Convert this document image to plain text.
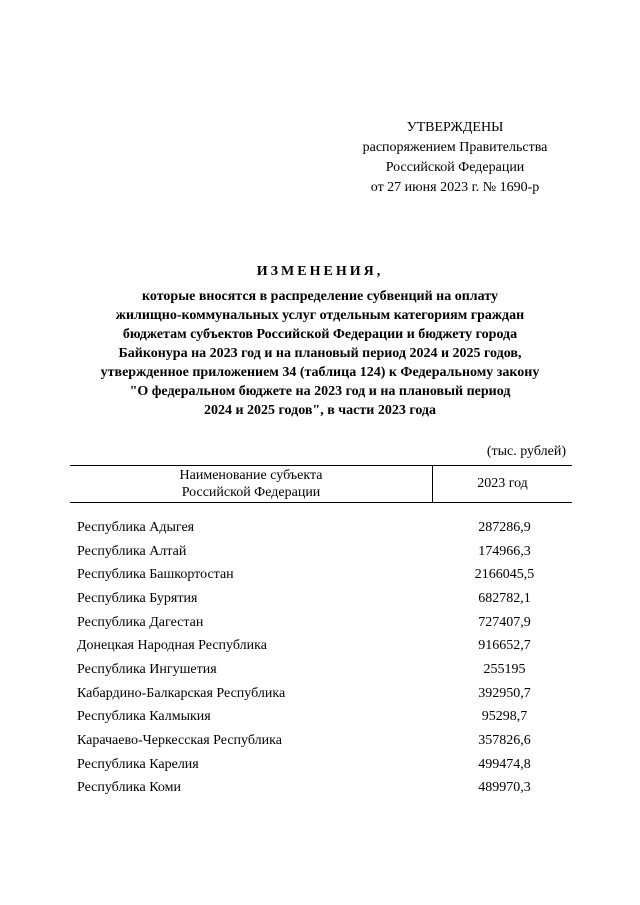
УТВЕРЖДЕНЫ
распоряжением Правительства
Российской Федерации
от 27 июня 2023 г. № 1690-р
ИЗМЕНЕНИЯ,
которые вносятся в распределение субвенций на оплату
жилищно-коммунальных услуг отдельным категориям граждан
бюджетам субъектов Российской Федерации и бюджету города
Байконура на 2023 год и на плановый период 2024 и 2025 годов,
утвержденное приложением 34 (таблица 124) к Федеральному закону
"О федеральном бюджете на 2023 год и на плановый период
2024 и 2025 годов", в части 2023 года
(тыс. рублей)
Наименование субъекта
Российской Федерации
2023 год
Республика Адыгея	287286,9
Республика Алтай	174966,3
Республика Башкортостан	2166045,5
Республика Бурятия	682782,1
Республика Дагестан	727407,9
Донецкая Народная Республика	916652,7
Республика Ингушетия	255195
Кабардино-Балкарская Республика	392950,7
Республика Калмыкия	95298,7
Карачаево-Черкесская Республика	357826,6
Республика Карелия	499474,8
Республика Коми	489970,3
